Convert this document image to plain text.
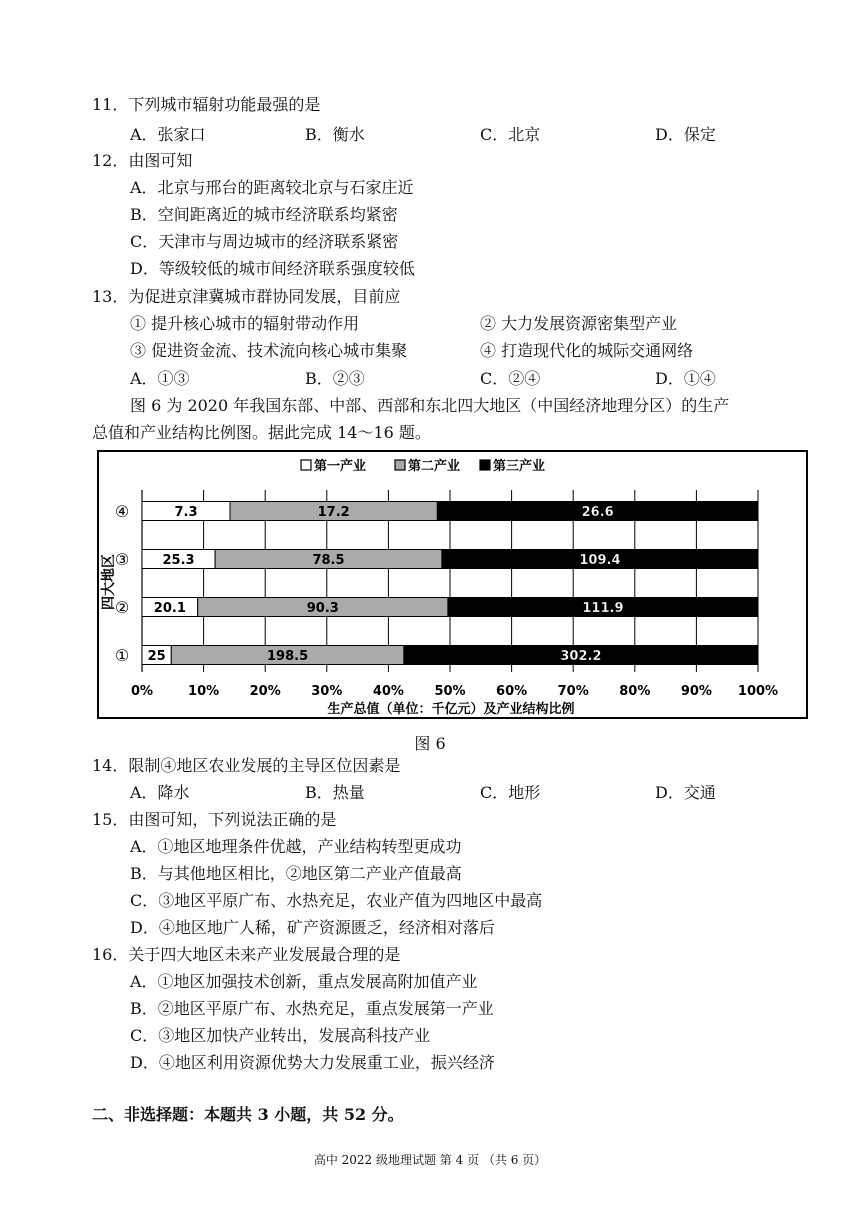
11．下列城市辐射功能最强的是
A．张家口	B．衡水	C．北京	D．保定
12．由图可知
A．北京与邢台的距离较北京与石家庄近
B．空间距离近的城市经济联系均紧密
C．天津市与周边城市的经济联系紧密
D．等级较低的城市间经济联系强度较低
13．为促进京津冀城市群协同发展，目前应
① 提升核心城市的辐射带动作用	② 大力发展资源密集型产业
③ 促进资金流、技术流向核心城市集聚	④ 打造现代化的城际交通网络
A．①③	B．②③	C．②④	D．①④
图 6 为 2020 年我国东部、中部、西部和东北四大地区（中国经济地理分区）的生产
总值和产业结构比例图。据此完成 14～16 题。
第一产业	第二产业	第三产业
7.3	17.2	26.6
④
25.3	78.5	109.4
③
20.1	90.3	111.9
②
25	198.5	302.2
①
0%	10% 20% 30% 40% 50% 60% 70% 80% 90% 100%
生产总值（单位：千亿元）及产业结构比例
四大地区
图 6
14．限制④地区农业发展的主导区位因素是
A．降水	B．热量	C．地形	D．交通
15．由图可知，下列说法正确的是
A．①地区地理条件优越，产业结构转型更成功
B．与其他地区相比，②地区第二产业产值最高
C．③地区平原广布、水热充足，农业产值为四地区中最高
D．④地区地广人稀，矿产资源匮乏，经济相对落后
16．关于四大地区未来产业发展最合理的是
A．①地区加强技术创新，重点发展高附加值产业
B．②地区平原广布、水热充足，重点发展第一产业
C．③地区加快产业转出，发展高科技产业
D．④地区利用资源优势大力发展重工业，振兴经济
二、非选择题：本题共 3 小题，共 52 分。
高中 2022 级地理试题 第 4 页 （共 6 页）
